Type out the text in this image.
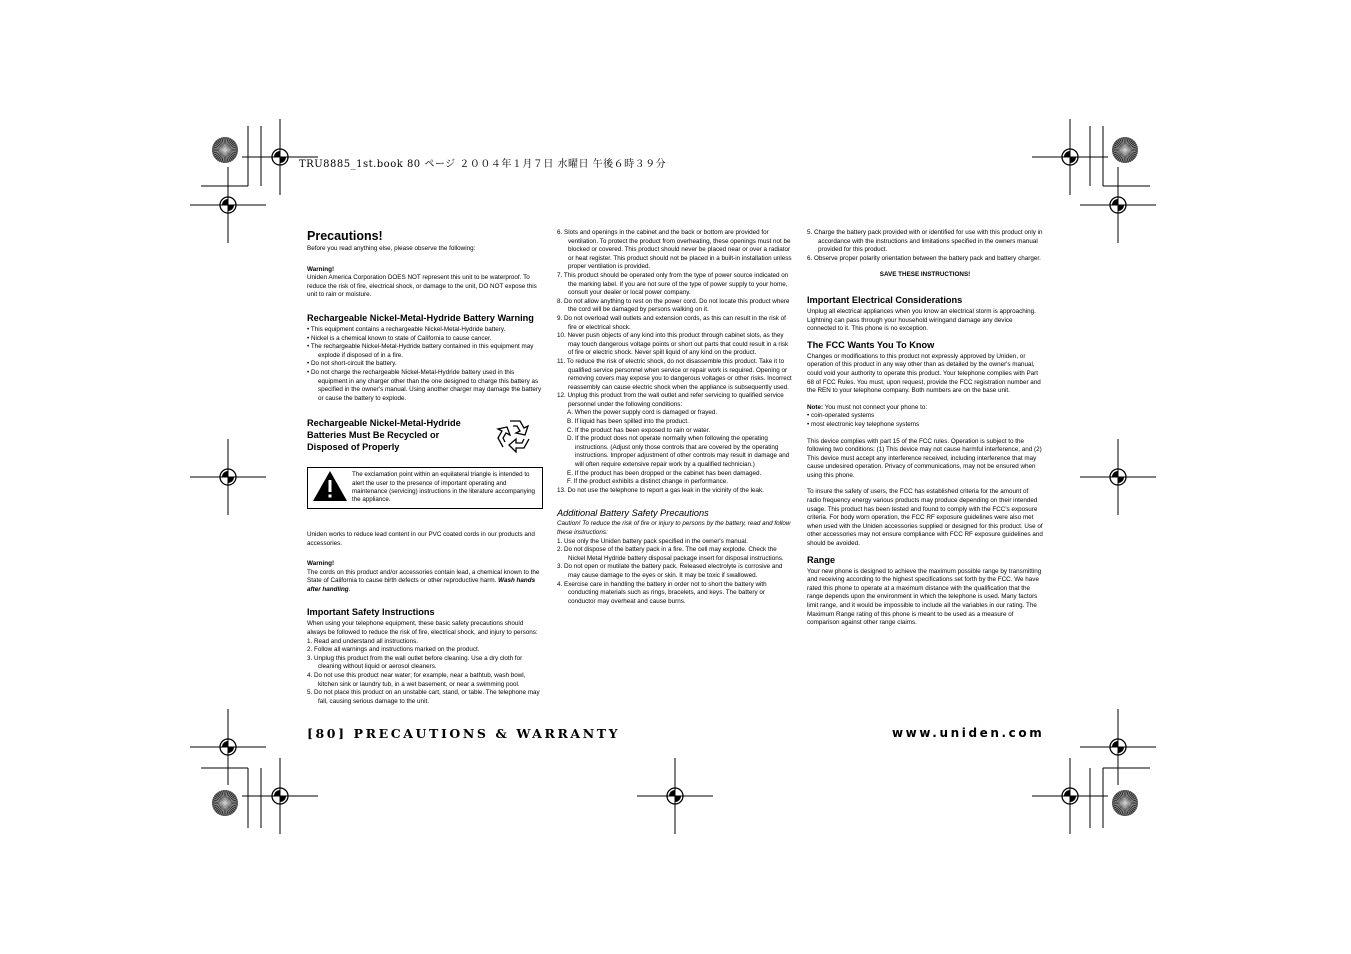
TRU8885_1st.book 80 ページ ２００４年１月７日 水曜日 午後６時３９分
Precautions!

Before you read anything else, please observe the following:

Warning!

Uniden America Corporation DOES NOT represent this unit to be waterproof. To reduce the risk of fire, electrical shock, or damage to the unit, DO NOT expose this unit to rain or moisture.

Rechargeable Nickel-Metal-Hydride Battery Warning

• This equipment contains a rechargeable Nickel-Metal-Hydride battery.

• Nickel is a chemical known to state of California to cause cancer.

• The rechargeable Nickel-Metal-Hydride battery contained in this equipment may explode if disposed of in a fire.

• Do not short-circuit the battery.

• Do not charge the rechargeable Nickel-Metal-Hydride battery used in this equipment in any charger other than the one designed to charge this battery as specified in the owner's manual. Using another charger may damage the battery or cause the battery to explode.

Rechargeable Nickel-Metal-Hydride
Batteries Must Be Recycled or
Disposed of Properly
The exclamation point within an equilateral triangle is intended to alert the user to the presence of important operating and maintenance (servicing) instructions in the literature accompanying the appliance.

Uniden works to reduce lead content in our PVC coated cords in our products and accessories.

Warning!

The cords on this product and/or accessories contain lead, a chemical known to the State of California to cause birth defects or other reproductive harm. Wash hands after handling.

Important Safety Instructions

When using your telephone equipment, these basic safety precautions should always be followed to reduce the risk of fire, electrical shock, and injury to persons:

1. Read and understand all instructions.

2. Follow all warnings and instructions marked on the product.

3. Unplug this product from the wall outlet before cleaning. Use a dry cloth for cleaning without liquid or aerosol cleaners.

4. Do not use this product near water; for example, near a bathtub, wash bowl, kitchen sink or laundry tub, in a wet basement, or near a swimming pool.

5. Do not place this product on an unstable cart, stand, or table. The telephone may fall, causing serious damage to the unit.

6. Slots and openings in the cabinet and the back or bottom are provided for ventilation. To protect the product from overheating, these openings must not be blocked or covered. This product should never be placed near or over a radiator or heat register. This product should not be placed in a built-in installation unless proper ventilation is provided.

7. This product should be operated only from the type of power source indicated on the marking label. If you are not sure of the type of power supply to your home, consult your dealer or local power company.

8. Do not allow anything to rest on the power cord. Do not locate this product where the cord will be damaged by persons walking on it.

9. Do not overload wall outlets and extension cords, as this can result in the risk of fire or electrical shock.

10. Never push objects of any kind into this product through cabinet slots, as they may touch dangerous voltage points or short out parts that could result in a risk of fire or electric shock. Never spill liquid of any kind on the product.

11. To reduce the risk of electric shock, do not disassemble this product. Take it to qualified service personnel when service or repair work is required. Opening or removing covers may expose you to dangerous voltages or other risks. Incorrect reassembly can cause electric shock when the appliance is subsequently used.

12. Unplug this product from the wall outlet and refer servicing to qualified service personnel under the following conditions:

A. When the power supply cord is damaged or frayed.

B. If liquid has been spilled into the product.

C. If the product has been exposed to rain or water.

D. If the product does not operate normally when following the operating instructions. (Adjust only those controls that are covered by the operating instructions. Improper adjustment of other controls may result in damage and will often require extensive repair work by a qualified technician.)

E. If the product has been dropped or the cabinet has been damaged.

F. If the product exhibits a distinct change in performance.

13. Do not use the telephone to report a gas leak in the vicinity of the leak.

Additional Battery Safety Precautions

Caution! To reduce the risk of fire or injury to persons by the battery, read and follow these instructions:

1. Use only the Uniden battery pack specified in the owner's manual.

2. Do not dispose of the battery pack in a fire. The cell may explode. Check the Nickel Metal Hydride battery disposal package insert for disposal instructions.

3. Do not open or mutilate the battery pack. Released electrolyte is corrosive and may cause damage to the eyes or skin. It may be toxic if swallowed.

4. Exercise care in handling the battery in order not to short the battery with conducting materials such as rings, bracelets, and keys. The battery or conductor may overheat and cause burns.

5. Charge the battery pack provided with or identified for use with this product only in accordance with the instructions and limitations specified in the owners manual provided for this product.

6. Observe proper polarity orientation between the battery pack and battery charger.

SAVE THESE INSTRUCTIONS!

Important Electrical Considerations

Unplug all electrical appliances when you know an electrical storm is approaching. Lightning can pass through your household wiringand damage any device connected to it. This phone is no exception.

The FCC Wants You To Know

Changes or modifications to this product not expressly approved by Uniden, or operation of this product in any way other than as detailed by the owner's manual, could void your authority to operate this product. Your telephone complies with Part 68 of FCC Rules. You must, upon request, provide the FCC registration number and the REN to your telephone company. Both numbers are on the base unit.

Note: You must not connect your phone to:

• coin-operated systems

• most electronic key telephone systems

This device complies with part 15 of the FCC rules. Operation is subject to the following two conditions: (1) This device may not cause harmful interference, and (2) This device must accept any interference received, including interference that may cause undesired operation. Privacy of communications, may not be ensured when using this phone.

To insure the safety of users, the FCC has established criteria for the amount of radio frequency energy various products may produce depending on their intended usage. This product has been tested and found to comply with the FCC's exposure criteria. For body worn operation, the FCC RF exposure guidelines were also met when used with the Uniden accessories supplied or designed for this product. Use of other accessories may not ensure compliance with FCC RF exposure guidelines and should be avoided.

Range

Your new phone is designed to achieve the maximum possible range by transmitting and receiving according to the highest specifications set forth by the FCC. We have rated this phone to operate at a maximum distance with the qualification that the range depends upon the environment in which the telephone is used. Many factors limit range, and it would be impossible to include all the variables in our rating. The Maximum Range rating of this phone is meant to be used as a measure of comparison against other range claims.

[80] PRECAUTIONS & WARRANTY	www.uniden.com
